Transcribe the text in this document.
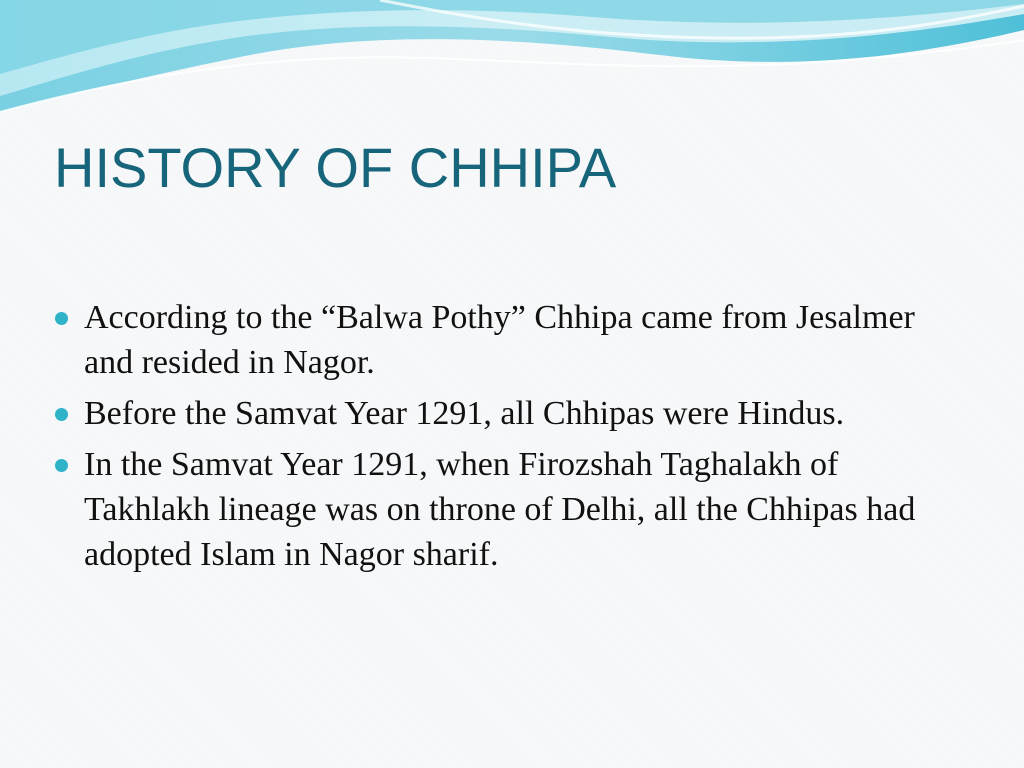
HISTORY OF CHHIPA
According to the “Balwa Pothy” Chhipa came from Jesalmer and resided in Nagor.
Before the Samvat Year 1291, all Chhipas were Hindus.
In the Samvat Year 1291, when Firozshah Taghalakh of Takhlakh lineage was on throne of Delhi, all the Chhipas had adopted Islam in Nagor sharif.
